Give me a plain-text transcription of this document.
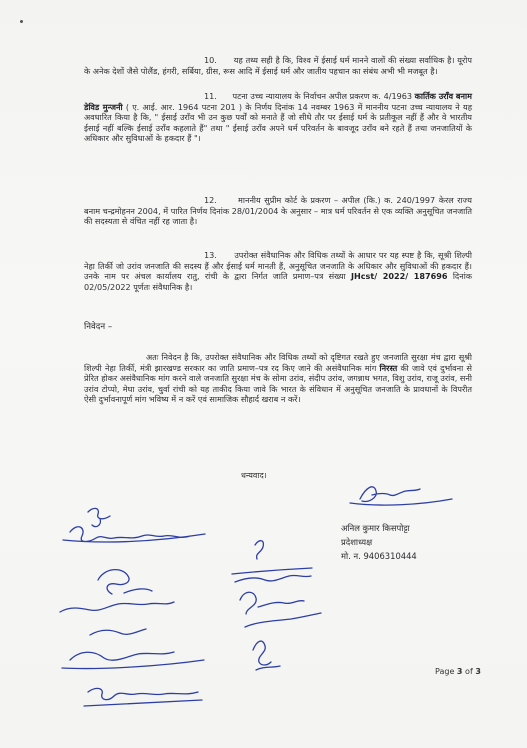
10. यह तथ्य सही है कि, विश्व में ईसाई धर्म मानने वालों की संख्या सर्वाधिक है। यूरोप के अनेक देशों जैसे पोलैंड, हंगरी, सर्बिया, ग्रीस, रूस आदि में ईसाई धर्म और जातीय पहचान का संबंध अभी भी मजबूत है।

11. पटना उच्च न्यायालय के निर्वाचन अपील प्रकरण क. 4/1963 कार्तिक उराँव बनाम डेविड मुन्जनी ( ए. आई. आर. 1964 पटना 201 ) के निर्णय दिनांक 14 नवम्बर 1963 में माननीय पटना उच्च न्यायालय ने यह अवधारित किया है कि, " ईसाई उराँव भी उन कुछ पर्वों को मनाते हैं जो सीधे तौर पर ईसाई धर्म के प्रतीकूल नहीं हैं और वे भारतीय ईसाई नहीं बल्कि ईसाई उराँव कहलाते हैं" तथा " ईसाई उराँव अपने धर्म परिवर्तन के बावजूद उराँव बने रहते हैं तथा जनजातियों के अधिकार और सुविधाओं के हकदार हैं "।

12.	माननीय सुप्रीम कोर्ट के प्रकरण – अपील (कि.) क. 240/1997 केरल राज्य बनाम चन्द्रमोहनन 2004, में पारित निर्णय दिनांक 28/01/2004 के अनुसार – मात्र धर्म परिवर्तन से एक व्यक्ति अनुसूचित जनजाति की सदस्यता से वंचित नहीं रह जाता है।

13. उपरोक्त संवैधानिक और विधिक तथ्यों के आधार पर यह स्पष्ट है कि, सूश्री शिल्पी नेहा तिर्की जो उरांव जनजाति की सदस्य हैं और ईसाई धर्म मानती हैं, अनुसूचित जनजाति के अधिकार और सुविधाओं की हकदार हैं। उनके नाम पर अंचल कार्यालय रातु, रांची के द्वारा निर्गत जाति प्रमाण–पत्र संख्या JHcst/ 2022/ 187696 दिनांक 02/05/2022 पूर्णतः संवैधानिक है।

निवेदन –

अतः निवेदन है कि, उपरोक्त संवैधानिक और विधिक तथ्यों को दृष्टिगत रखते हुए जनजाति सुरक्षा मंच द्वारा सूश्री शिल्पी नेहा तिर्की, मंत्री झारखण्ड सरकार का जाति प्रमाण–पत्र रद किए जाने की असंवैधानिक मांग निरस्त की जावे एवं दुर्भावना से प्रेरित होकर असंवैधानिक मांग करने वाले जनजाति सुरक्षा मंच के सोमा उरांव, संदीप उरांव, जगन्नाथ भगत, विशु उरांव, राजू उरांव, सनी उरांव टोप्पो, मेघा उरांव, चुर्वा रांची को यह ताकीद किया जावे कि भारत के संविधान में अनुसूचित जनजाति के प्रावधानों के विपरीत ऐसी दुर्भावनापूर्ण मांग भविष्य में न करें एवं सामाजिक सौहार्द खराब न करें।

धन्यवाद।
अनिल कुमार किसपोट्टा
प्रदेशाध्यक्ष
मो. न. 9406310444
Page 3 of 3
